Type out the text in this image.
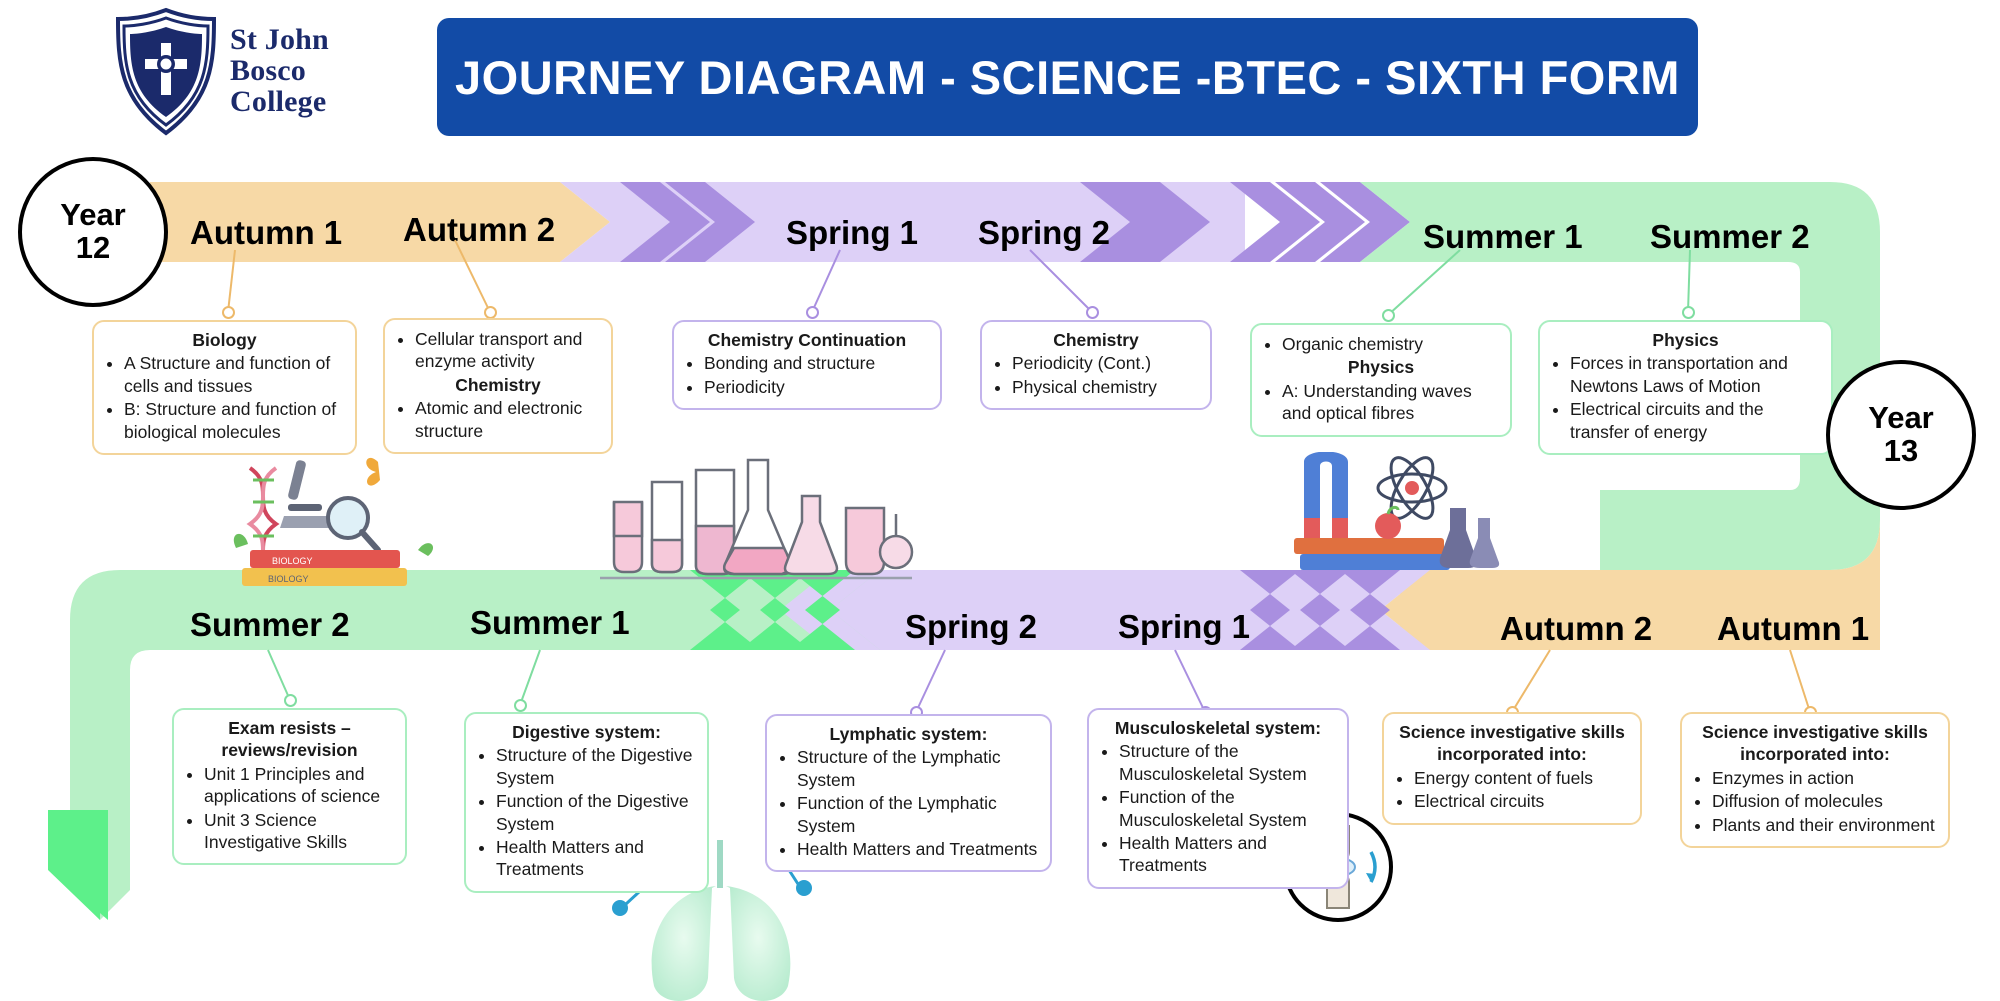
St John
Bosco
College	JOURNEY DIAGRAM - SCIENCE -BTEC - SIXTH FORM
Year
12
Year
13
Autumn 1 Autumn 2	Spring 1 Spring 2	Summer 1 Summer 2
Summer 2	Summer 1	Spring 2 Spring 1	Autumn 2 Autumn 1
Biology
• A Structure and function of cells and tissues
• B: Structure and function of biological molecules
• Cellular transport and enzyme activity
Chemistry
• Atomic and electronic structure
Chemistry Continuation
• Bonding and structure
• Periodicity
Chemistry
• Periodicity (Cont.)
• Physical chemistry
• Organic chemistry
Physics
• A: Understanding waves and optical fibres
Physics
• Forces in transportation and Newtons Laws of Motion
• Electrical circuits and the transfer of energy
Exam resists – reviews/revision
• Unit 1 Principles and applications of science
• Unit 3 Science Investigative Skills
Digestive system:
• Structure of the Digestive System
• Function of the Digestive System
• Health Matters and Treatments
Lymphatic system:
• Structure of the Lymphatic System
• Function of the Lymphatic System
• Health Matters and Treatments
Musculoskeletal system:
• Structure of the Musculoskeletal System
• Function of the Musculoskeletal System
• Health Matters and Treatments
Science investigative skills incorporated into:
• Energy content of fuels
• Electrical circuits
Science investigative skills incorporated into:
• Enzymes in action
• Diffusion of molecules
• Plants and their environment
BIOLOGY
BIOLOGY
